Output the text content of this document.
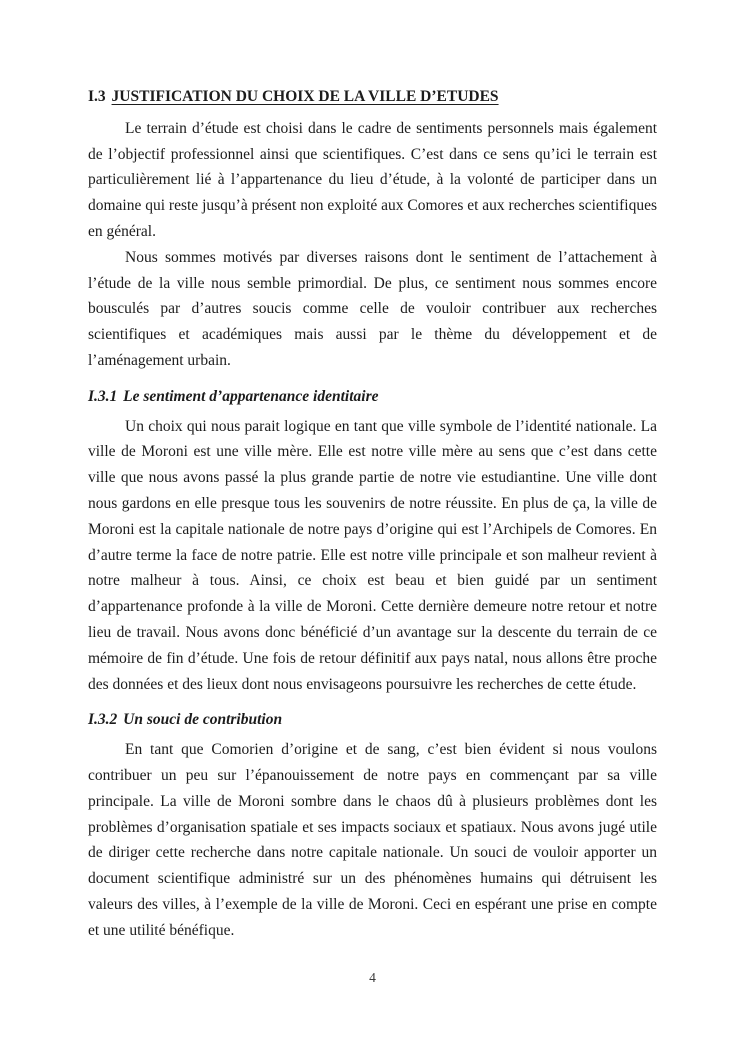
I.3 JUSTIFICATION DU CHOIX DE LA VILLE D’ETUDES

Le terrain d’étude est choisi dans le cadre de sentiments personnels mais également de l’objectif professionnel ainsi que scientifiques. C’est dans ce sens qu’ici le terrain est particulièrement lié à l’appartenance du lieu d’étude, à la volonté de participer dans un domaine qui reste jusqu’à présent non exploité aux Comores et aux recherches scientifiques en général.

Nous sommes motivés par diverses raisons dont le sentiment de l’attachement à l’étude de la ville nous semble primordial. De plus, ce sentiment nous sommes encore bousculés par d’autres soucis comme celle de vouloir contribuer aux recherches scientifiques et académiques mais aussi par le thème du développement et de l’aménagement urbain.

I.3.1 Le sentiment d’appartenance identitaire

Un choix qui nous parait logique en tant que ville symbole de l’identité nationale. La ville de Moroni est une ville mère. Elle est notre ville mère au sens que c’est dans cette ville que nous avons passé la plus grande partie de notre vie estudiantine. Une ville dont nous gardons en elle presque tous les souvenirs de notre réussite. En plus de ça, la ville de Moroni est la capitale nationale de notre pays d’origine qui est l’Archipels de Comores. En d’autre terme la face de notre patrie. Elle est notre ville principale et son malheur revient à notre malheur à tous. Ainsi, ce choix est beau et bien guidé par un sentiment d’appartenance profonde à la ville de Moroni. Cette dernière demeure notre retour et notre lieu de travail. Nous avons donc bénéficié d’un avantage sur la descente du terrain de ce mémoire de fin d’étude. Une fois de retour définitif aux pays natal, nous allons être proche des données et des lieux dont nous envisageons poursuivre les recherches de cette étude.

I.3.2 Un souci de contribution

En tant que Comorien d’origine et de sang, c’est bien évident si nous voulons contribuer un peu sur l’épanouissement de notre pays en commençant par sa ville principale. La ville de Moroni sombre dans le chaos dû à plusieurs problèmes dont les problèmes d’organisation spatiale et ses impacts sociaux et spatiaux. Nous avons jugé utile de diriger cette recherche dans notre capitale nationale. Un souci de vouloir apporter un document scientifique administré sur un des phénomènes humains qui détruisent les valeurs des villes, à l’exemple de la ville de Moroni. Ceci en espérant une prise en compte et une utilité bénéfique.

4
